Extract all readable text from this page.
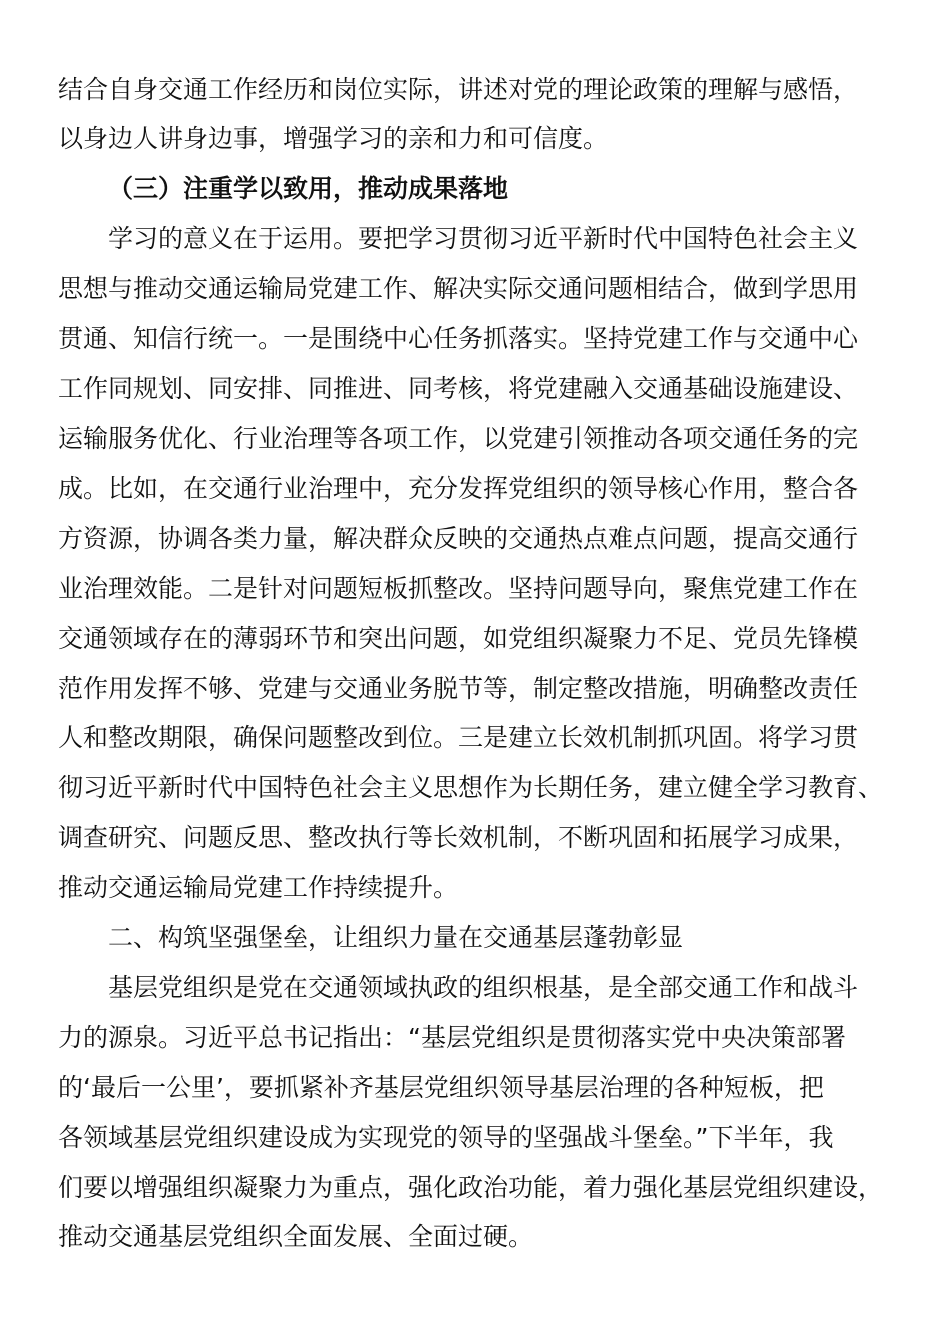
结合自身交通工作经历和岗位实际，讲述对党的理论政策的理解与感悟，
以身边人讲身边事，增强学习的亲和力和可信度。
（三）注重学以致用，推动成果落地
学习的意义在于运用。要把学习贯彻习近平新时代中国特色社会主义
思想与推动交通运输局党建工作、解决实际交通问题相结合，做到学思用
贯通、知信行统一。一是围绕中心任务抓落实。坚持党建工作与交通中心
工作同规划、同安排、同推进、同考核，将党建融入交通基础设施建设、
运输服务优化、行业治理等各项工作，以党建引领推动各项交通任务的完
成。比如，在交通行业治理中，充分发挥党组织的领导核心作用，整合各
方资源，协调各类力量，解决群众反映的交通热点难点问题，提高交通行
业治理效能。二是针对问题短板抓整改。坚持问题导向，聚焦党建工作在
交通领域存在的薄弱环节和突出问题，如党组织凝聚力不足、党员先锋模
范作用发挥不够、党建与交通业务脱节等，制定整改措施，明确整改责任
人和整改期限，确保问题整改到位。三是建立长效机制抓巩固。将学习贯
彻习近平新时代中国特色社会主义思想作为长期任务，建立健全学习教育、
调查研究、问题反思、整改执行等长效机制，不断巩固和拓展学习成果，
推动交通运输局党建工作持续提升。
二、构筑坚强堡垒，让组织力量在交通基层蓬勃彰显
基层党组织是党在交通领域执政的组织根基，是全部交通工作和战斗
力的源泉。习近平总书记指出：“基层党组织是贯彻落实党中央决策部署
的‘最后一公里’，要抓紧补齐基层党组织领导基层治理的各种短板，把
各领域基层党组织建设成为实现党的领导的坚强战斗堡垒。”下半年，我
们要以增强组织凝聚力为重点，强化政治功能，着力强化基层党组织建设，
推动交通基层党组织全面发展、全面过硬。
